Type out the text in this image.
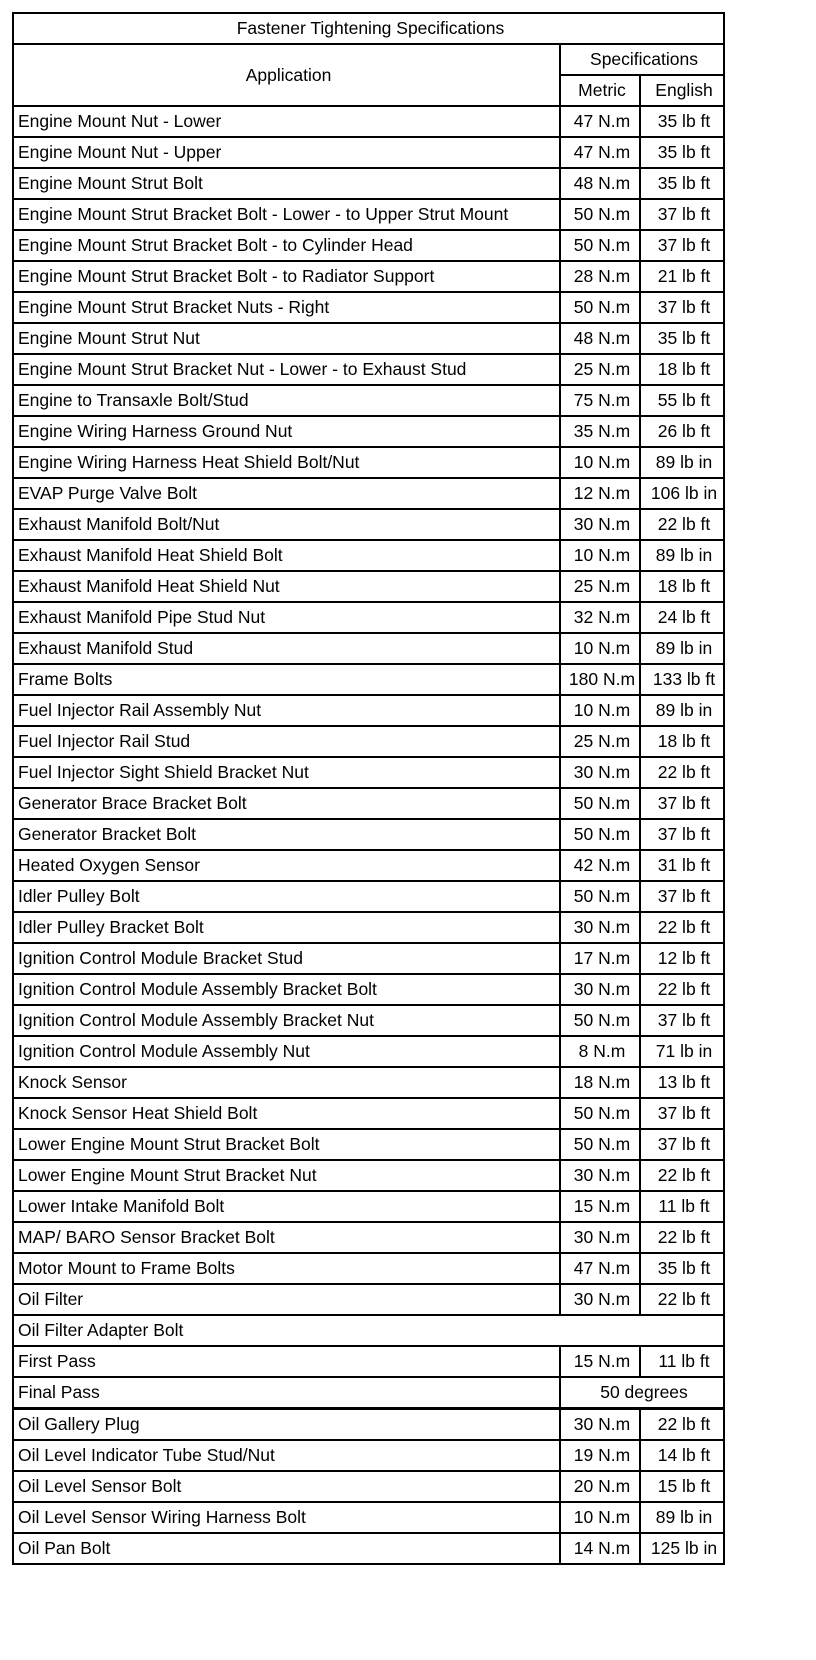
Fastener Tightening Specifications		
Application	Specifications	
	Metric	English
Engine Mount Nut - Lower	47 N.m	35 lb ft
Engine Mount Nut - Upper	47 N.m	35 lb ft
Engine Mount Strut Bolt	48 N.m	35 lb ft
Engine Mount Strut Bracket Bolt - Lower - to Upper Strut Mount	50 N.m	37 lb ft
Engine Mount Strut Bracket Bolt - to Cylinder Head	50 N.m	37 lb ft
Engine Mount Strut Bracket Bolt - to Radiator Support	28 N.m	21 lb ft
Engine Mount Strut Bracket Nuts - Right	50 N.m	37 lb ft
Engine Mount Strut Nut	48 N.m	35 lb ft
Engine Mount Strut Bracket Nut - Lower - to Exhaust Stud	25 N.m	18 lb ft
Engine to Transaxle Bolt/Stud	75 N.m	55 lb ft
Engine Wiring Harness Ground Nut	35 N.m	26 lb ft
Engine Wiring Harness Heat Shield Bolt/Nut	10 N.m	89 lb in
EVAP Purge Valve Bolt	12 N.m	106 lb in
Exhaust Manifold Bolt/Nut	30 N.m	22 lb ft
Exhaust Manifold Heat Shield Bolt	10 N.m	89 lb in
Exhaust Manifold Heat Shield Nut	25 N.m	18 lb ft
Exhaust Manifold Pipe Stud Nut	32 N.m	24 lb ft
Exhaust Manifold Stud	10 N.m	89 lb in
Frame Bolts	180 N.m	133 lb ft
Fuel Injector Rail Assembly Nut	10 N.m	89 lb in
Fuel Injector Rail Stud	25 N.m	18 lb ft
Fuel Injector Sight Shield Bracket Nut	30 N.m	22 lb ft
Generator Brace Bracket Bolt	50 N.m	37 lb ft
Generator Bracket Bolt	50 N.m	37 lb ft
Heated Oxygen Sensor	42 N.m	31 lb ft
Idler Pulley Bolt	50 N.m	37 lb ft
Idler Pulley Bracket Bolt	30 N.m	22 lb ft
Ignition Control Module Bracket Stud	17 N.m	12 lb ft
Ignition Control Module Assembly Bracket Bolt	30 N.m	22 lb ft
Ignition Control Module Assembly Bracket Nut	50 N.m	37 lb ft
Ignition Control Module Assembly Nut	8 N.m	71 lb in
Knock Sensor	18 N.m	13 lb ft
Knock Sensor Heat Shield Bolt	50 N.m	37 lb ft
Lower Engine Mount Strut Bracket Bolt	50 N.m	37 lb ft
Lower Engine Mount Strut Bracket Nut	30 N.m	22 lb ft
Lower Intake Manifold Bolt	15 N.m	11 lb ft
MAP/ BARO Sensor Bracket Bolt	30 N.m	22 lb ft
Motor Mount to Frame Bolts	47 N.m	35 lb ft
Oil Filter	30 N.m	22 lb ft
Oil Filter Adapter Bolt		
First Pass	15 N.m	11 lb ft
Final Pass	50 degrees	
Oil Gallery Plug	30 N.m	22 lb ft
Oil Level Indicator Tube Stud/Nut	19 N.m	14 lb ft
Oil Level Sensor Bolt	20 N.m	15 lb ft
Oil Level Sensor Wiring Harness Bolt	10 N.m	89 lb in
Oil Pan Bolt	14 N.m	125 lb in
